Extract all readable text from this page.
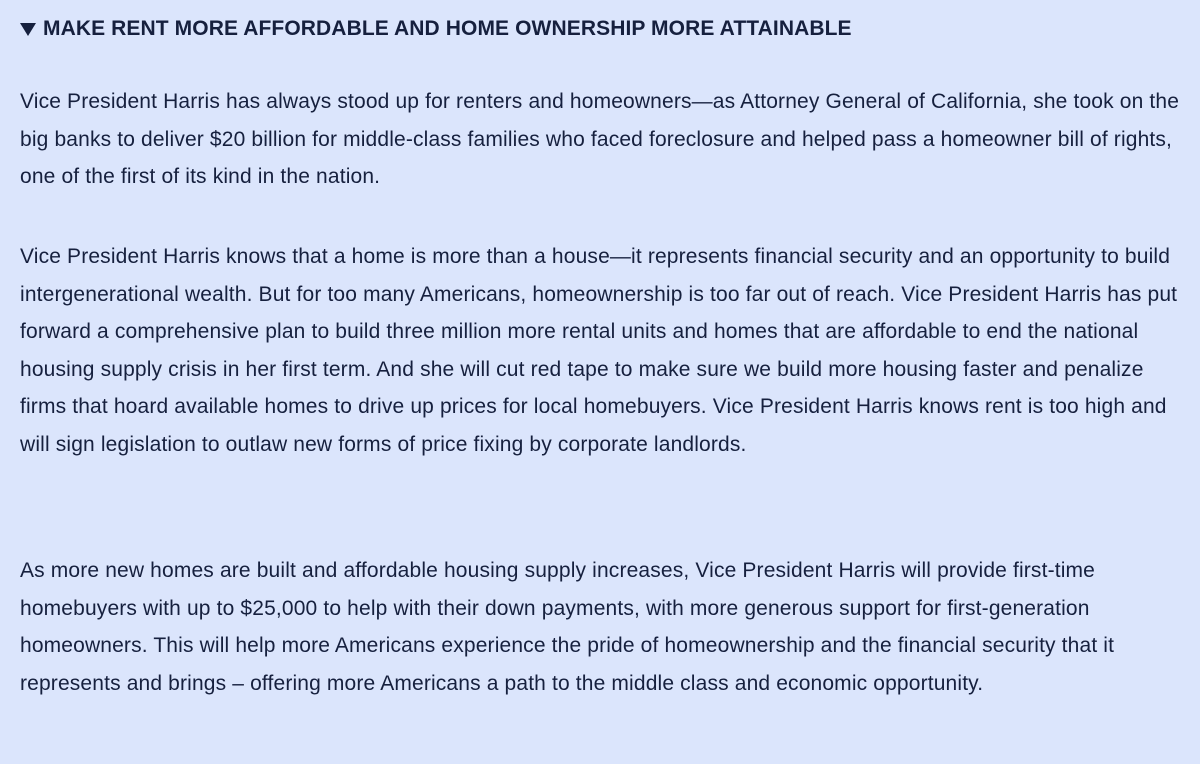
MAKE RENT MORE AFFORDABLE AND HOME OWNERSHIP MORE ATTAINABLE

Vice President Harris has always stood up for renters and homeowners—as Attorney General of California, she took on the big banks to deliver $20 billion for middle-class families who faced foreclosure and helped pass a homeowner bill of rights, one of the first of its kind in the nation.

Vice President Harris knows that a home is more than a house—it represents financial security and an opportunity to build intergenerational wealth. But for too many Americans, homeownership is too far out of reach. Vice President Harris has put forward a comprehensive plan to build three million more rental units and homes that are affordable to end the national housing supply crisis in her first term. And she will cut red tape to make sure we build more housing faster and penalize firms that hoard available homes to drive up prices for local homebuyers. Vice President Harris knows rent is too high and will sign legislation to outlaw new forms of price fixing by corporate landlords.

As more new homes are built and affordable housing supply increases, Vice President Harris will provide first-time homebuyers with up to $25,000 to help with their down payments, with more generous support for first-generation homeowners. This will help more Americans experience the pride of homeownership and the financial security that it represents and brings – offering more Americans a path to the middle class and economic opportunity.
